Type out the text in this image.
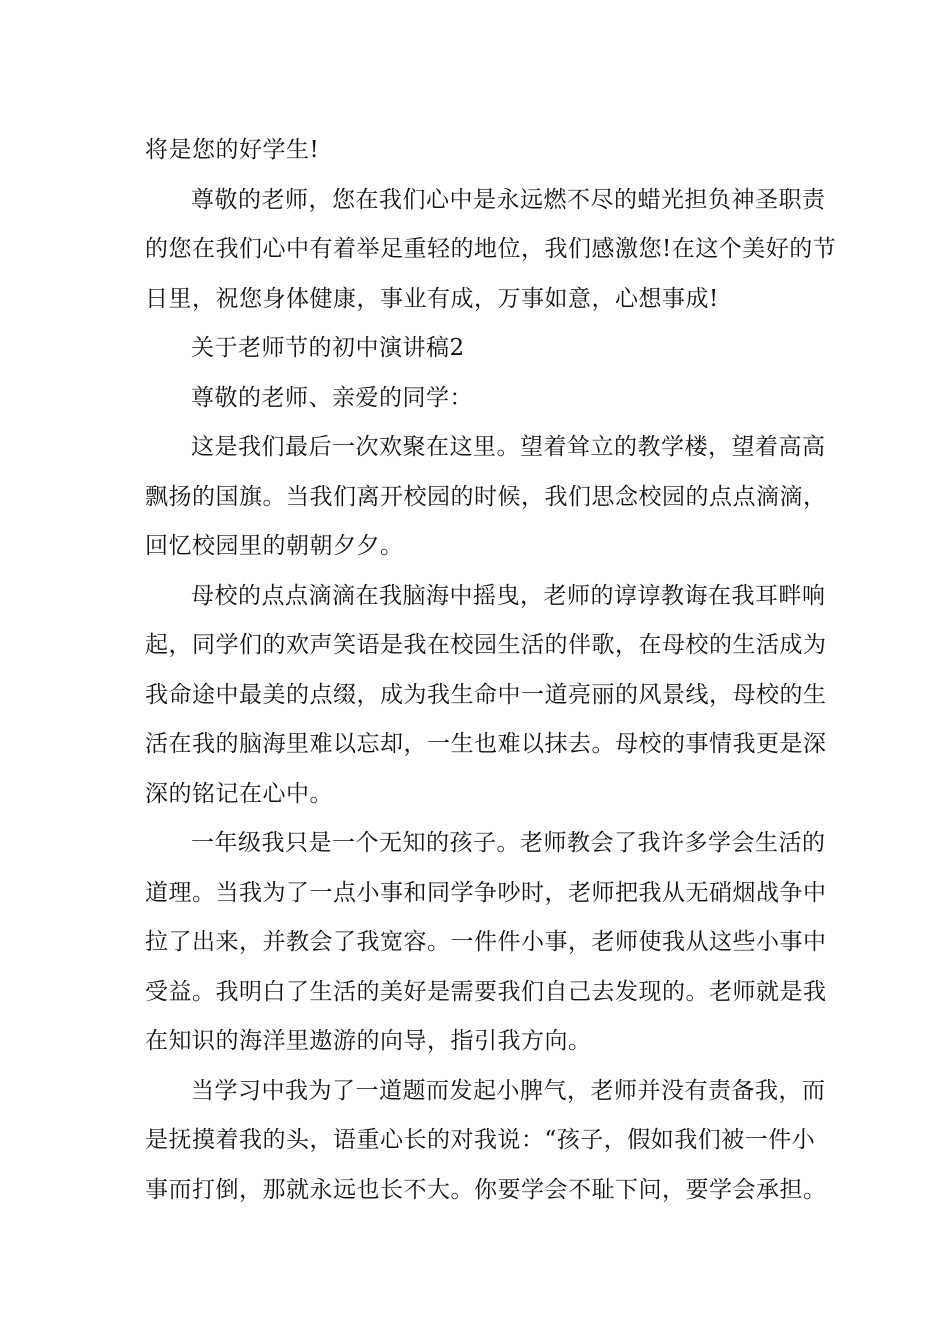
将是您的好学生!
尊敬的老师，您在我们心中是永远燃不尽的蜡光担负神圣职责
的您在我们心中有着举足重轻的地位，我们感激您!在这个美好的节
日里，祝您身体健康，事业有成，万事如意，心想事成!
关于老师节的初中演讲稿2
尊敬的老师、亲爱的同学：
这是我们最后一次欢聚在这里。望着耸立的教学楼，望着高高
飘扬的国旗。当我们离开校园的时候，我们思念校园的点点滴滴，
回忆校园里的朝朝夕夕。
母校的点点滴滴在我脑海中摇曳，老师的谆谆教诲在我耳畔响
起，同学们的欢声笑语是我在校园生活的伴歌，在母校的生活成为
我命途中最美的点缀，成为我生命中一道亮丽的风景线，母校的生
活在我的脑海里难以忘却，一生也难以抹去。母校的事情我更是深
深的铭记在心中。
一年级我只是一个无知的孩子。老师教会了我许多学会生活的
道理。当我为了一点小事和同学争吵时，老师把我从无硝烟战争中
拉了出来，并教会了我宽容。一件件小事，老师使我从这些小事中
受益。我明白了生活的美好是需要我们自己去发现的。老师就是我
在知识的海洋里遨游的向导，指引我方向。
当学习中我为了一道题而发起小脾气，老师并没有责备我，而
是抚摸着我的头，语重心长的对我说：“孩子，假如我们被一件小
事而打倒，那就永远也长不大。你要学会不耻下问，要学会承担。
